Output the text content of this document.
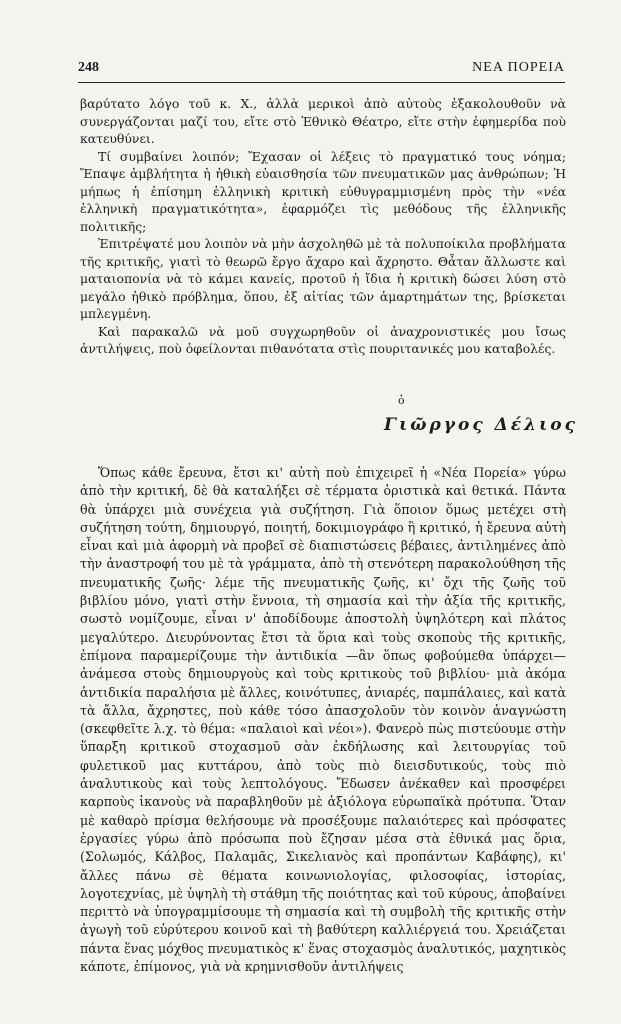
248	ΝΕΑ ΠΟΡΕΙΑ

βαρύτατο λόγο τοῦ κ. Χ., ἀλλὰ μερικοὶ ἀπὸ αὐτοὺς ἐξακολουθοῦν νὰ συνεργάζονται μαζί του, εἴτε στὸ Ἐθνικὸ Θέατρο, εἴτε στὴν ἐφημερίδα ποὺ κατευθύνει.

Τί συμβαίνει λοιπόν; Ἔχασαν οἱ λέξεις τὸ πραγματικό τους νόημα; Ἔπαψε ἀμβλήτητα ἡ ἠθικὴ εὐαισθησία τῶν πνευματικῶν μας ἀνθρώπων; Ἡ μήπως ἡ ἐπίσημη ἑλληνικὴ κριτικὴ εὐθυγραμμισμένη πρὸς τὴν «νέα ἑλληνικὴ πραγματικότητα», ἐφαρμόζει τὶς μεθόδους τῆς ἑλληνικῆς πολιτικῆς;

Ἐπιτρέψατέ μου λοιπὸν νὰ μὴν ἀσχοληθῶ μὲ τὰ πολυποίκιλα προβλήματα τῆς κριτικῆς, γιατὶ τὸ θεωρῶ ἔργο ἄχαρο καὶ ἄχρηστο. Θἆταν ἄλλωστε καὶ ματαιοπονία νὰ τὸ κάμει κανείς, προτοῦ ἡ ἴδια ἡ κριτικὴ δώσει λύση στὸ μεγάλο ἠθικὸ πρόβλημα, ὅπου, ἐξ αἰτίας τῶν ἁμαρτημάτων της, βρίσκεται μπλεγμένη.

Καὶ παρακαλῶ νὰ μοῦ συγχωρηθοῦν οἱ ἀναχρονιστικές μου ἴσως ἀντιλήψεις, ποὺ ὀφείλονται πιθανότατα στὶς πουριτανικές μου καταβολές.

ὁ
Γιῶργος Δέλιος

Ὅπως κάθε ἔρευνα, ἔτσι κι' αὐτὴ ποὺ ἐπιχειρεῖ ἡ «Νέα Πορεία» γύρω ἀπὸ τὴν κριτική, δὲ θὰ καταλήξει σὲ τέρματα ὁριστικὰ καὶ θετικά. Πάντα θὰ ὑπάρχει μιὰ συνέχεια γιὰ συζήτηση. Γιὰ ὅποιον ὅμως μετέχει στὴ συζήτηση τούτη, δημιουργό, ποιητή, δοκιμιογράφο ἢ κριτικό, ἡ ἔρευνα αὐτὴ εἶναι καὶ μιὰ ἀφορμὴ νὰ προβεῖ σὲ διαπιστώσεις βέβαιες, ἀντιλημένες ἀπὸ τὴν ἀναστροφή του μὲ τὰ γράμματα, ἀπὸ τὴ στενότερη παρακολούθηση τῆς πνευματικῆς ζωῆς· λέμε τῆς πνευματικῆς ζωῆς, κι' ὄχι τῆς ζωῆς τοῦ βιβλίου μόνο, γιατὶ στὴν ἔννοια, τὴ σημασία καὶ τὴν ἀξία τῆς κριτικῆς, σωστὸ νομίζουμε, εἶναι ν' ἀποδίδουμε ἀποστολὴ ὑψηλότερη καὶ πλάτος μεγαλύτερο. Διευρύνοντας ἔτσι τὰ ὅρια καὶ τοὺς σκοποὺς τῆς κριτικῆς, ἐπίμονα παραμερίζουμε τὴν ἀντιδικία —ἂν ὅπως φοβούμεθα ὑπάρχει— ἀνάμεσα στοὺς δημιουργοὺς καὶ τοὺς κριτικοὺς τοῦ βιβλίου· μιὰ ἀκόμα ἀντιδικία παραλήσια μὲ ἄλλες, κοινότυπες, ἀνιαρές, παμπάλαιες, καὶ κατὰ τὰ ἄλλα, ἄχρηστες, ποὺ κάθε τόσο ἀπασχολοῦν τὸν κοινὸν ἀναγνώστη (σκεφθεῖτε λ.χ. τὸ θέμα: «παλαιοὶ καὶ νέοι»). Φανερὸ πὼς πιστεύουμε στὴν ὕπαρξη κριτικοῦ στοχασμοῦ σὰν ἐκδήλωσης καὶ λειτουργίας τοῦ φυλετικοῦ μας κυττάρου, ἀπὸ τοὺς πιὸ διεισδυτικούς, τοὺς πιὸ ἀναλυτικοὺς καὶ τοὺς λεπτολόγους. Ἔδωσεν ἀνέκαθεν καὶ προσφέρει καρποὺς ἱκανοὺς νὰ παραβληθοῦν μὲ ἀξιόλογα εὐρωπαϊκὰ πρότυπα. Ὅταν μὲ καθαρὸ πρίσμα θελήσουμε νὰ προσέξουμε παλαιότερες καὶ πρόσφατες ἐργασίες γύρω ἀπὸ πρόσωπα ποὺ ἔζησαν μέσα στὰ ἐθνικά μας ὅρια, (Σολωμός, Κάλβος, Παλαμᾶς, Σικελιανὸς καὶ προπάντων Καβάφης), κι' ἄλλες πάνω σὲ θέματα κοινωνιολογίας, φιλοσοφίας, ἱστορίας, λογοτεχνίας, μὲ ὑψηλὴ τὴ στάθμη τῆς ποιότητας καὶ τοῦ κύρους, ἀποβαίνει περιττὸ νὰ ὑπογραμμίσουμε τὴ σημασία καὶ τὴ συμβολὴ τῆς κριτικῆς στὴν ἀγωγὴ τοῦ εὐρύτερου κοινοῦ καὶ τὴ βαθύτερη καλλιέργειά του. Χρειάζεται πάντα ἕνας μόχθος πνευματικὸς κ' ἕνας στοχασμὸς ἀναλυτικός, μαχητικὸς κάποτε, ἐπίμονος, γιὰ νὰ κρημνισθοῦν ἀντιλήψεις
